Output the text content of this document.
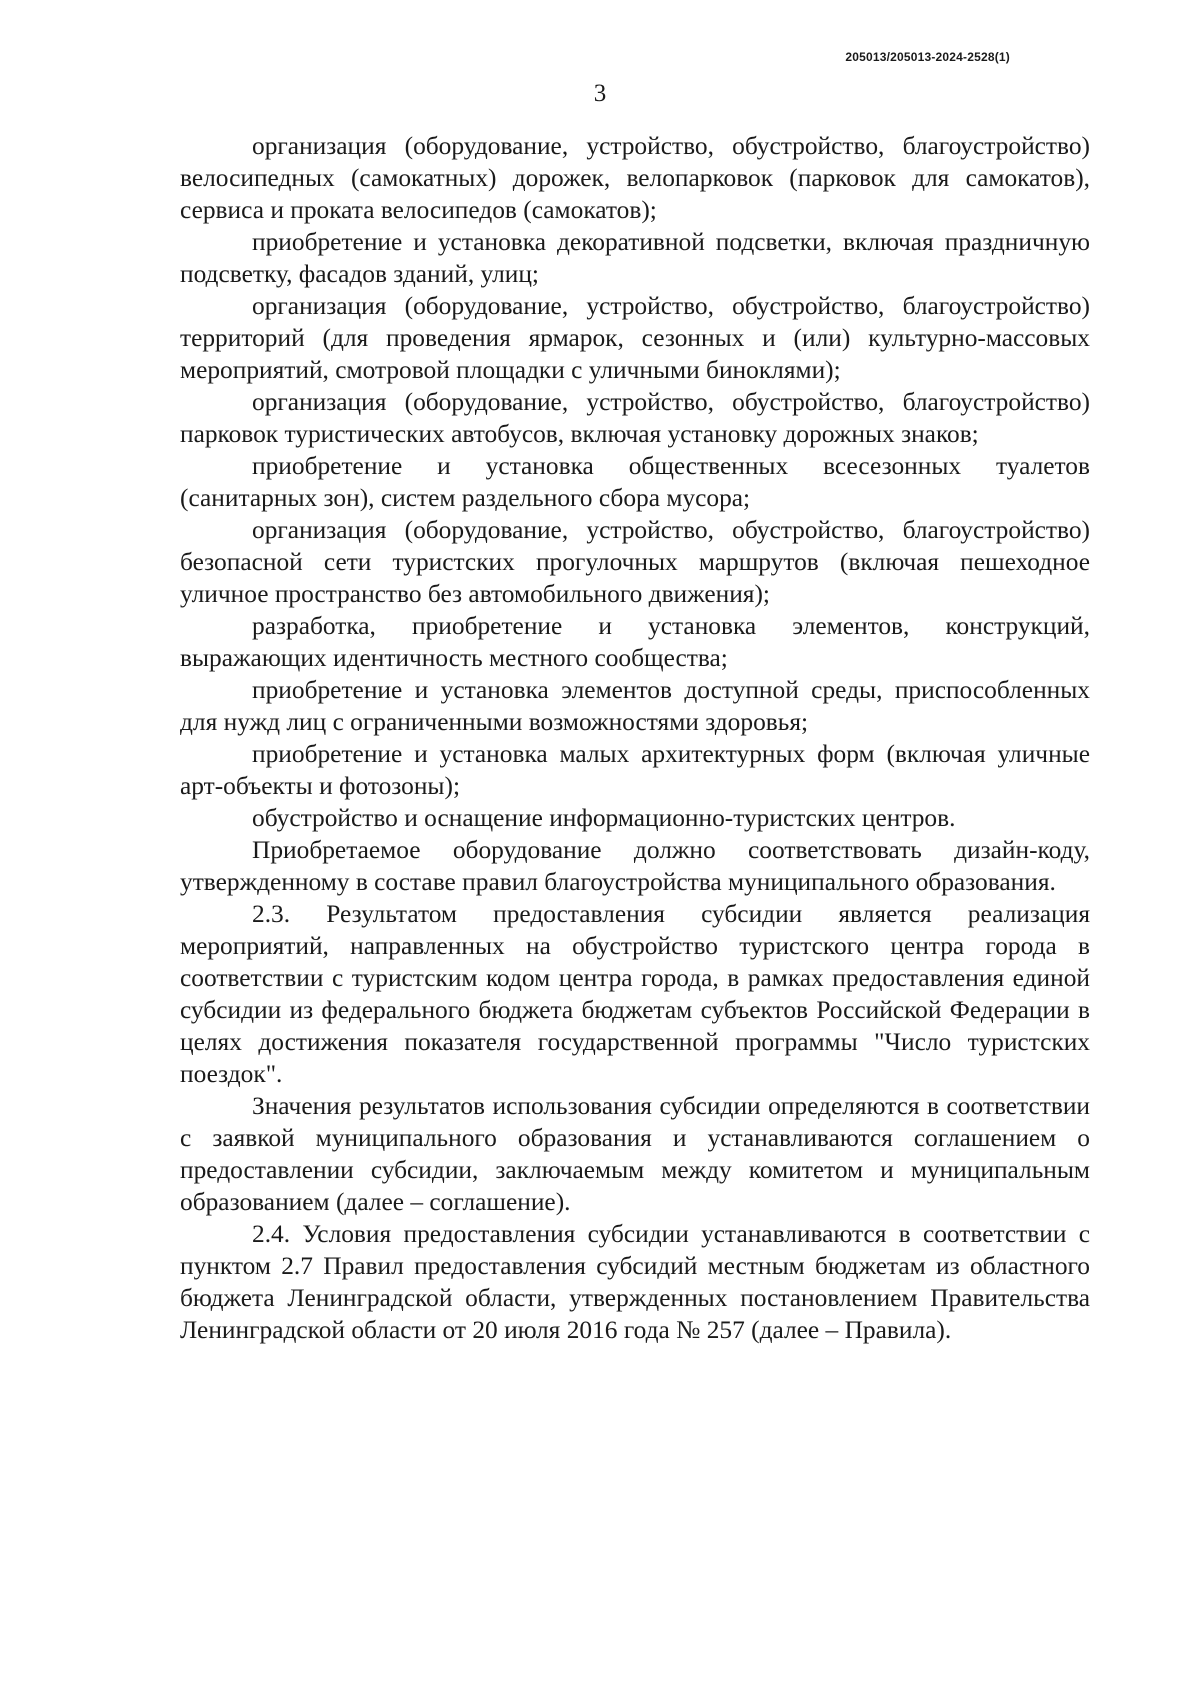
205013/205013-2024-2528(1)
3

организация (оборудование, устройство, обустройство, благоустройство) велосипедных (самокатных) дорожек, велопарковок (парковок для самокатов), сервиса и проката велосипедов (самокатов);

приобретение и установка декоративной подсветки, включая праздничную подсветку, фасадов зданий, улиц;

организация (оборудование, устройство, обустройство, благоустройство) территорий (для проведения ярмарок, сезонных и (или) культурно-массовых мероприятий, смотровой площадки с уличными биноклями);

организация (оборудование, устройство, обустройство, благоустройство) парковок туристических автобусов, включая установку дорожных знаков;

приобретение и установка общественных всесезонных туалетов (санитарных зон), систем раздельного сбора мусора;

организация (оборудование, устройство, обустройство, благоустройство) безопасной сети туристских прогулочных маршрутов (включая пешеходное уличное пространство без автомобильного движения);

разработка, приобретение и установка элементов, конструкций, выражающих идентичность местного сообщества;

приобретение и установка элементов доступной среды, приспособленных для нужд лиц с ограниченными возможностями здоровья;

приобретение и установка малых архитектурных форм (включая уличные арт-объекты и фотозоны);

обустройство и оснащение информационно-туристских центров.

Приобретаемое оборудование должно соответствовать дизайн-коду, утвержденному в составе правил благоустройства муниципального образования.

2.3. Результатом предоставления субсидии является реализация мероприятий, направленных на обустройство туристского центра города в соответствии с туристским кодом центра города, в рамках предоставления единой субсидии из федерального бюджета бюджетам субъектов Российской Федерации в целях достижения показателя государственной программы "Число туристских поездок".

Значения результатов использования субсидии определяются в соответствии с заявкой муниципального образования и устанавливаются соглашением о предоставлении субсидии, заключаемым между комитетом и муниципальным образованием (далее – соглашение).

2.4. Условия предоставления субсидии устанавливаются в соответствии с пунктом 2.7 Правил предоставления субсидий местным бюджетам из областного бюджета Ленинградской области, утвержденных постановлением Правительства Ленинградской области от 20 июля 2016 года № 257 (далее – Правила).
